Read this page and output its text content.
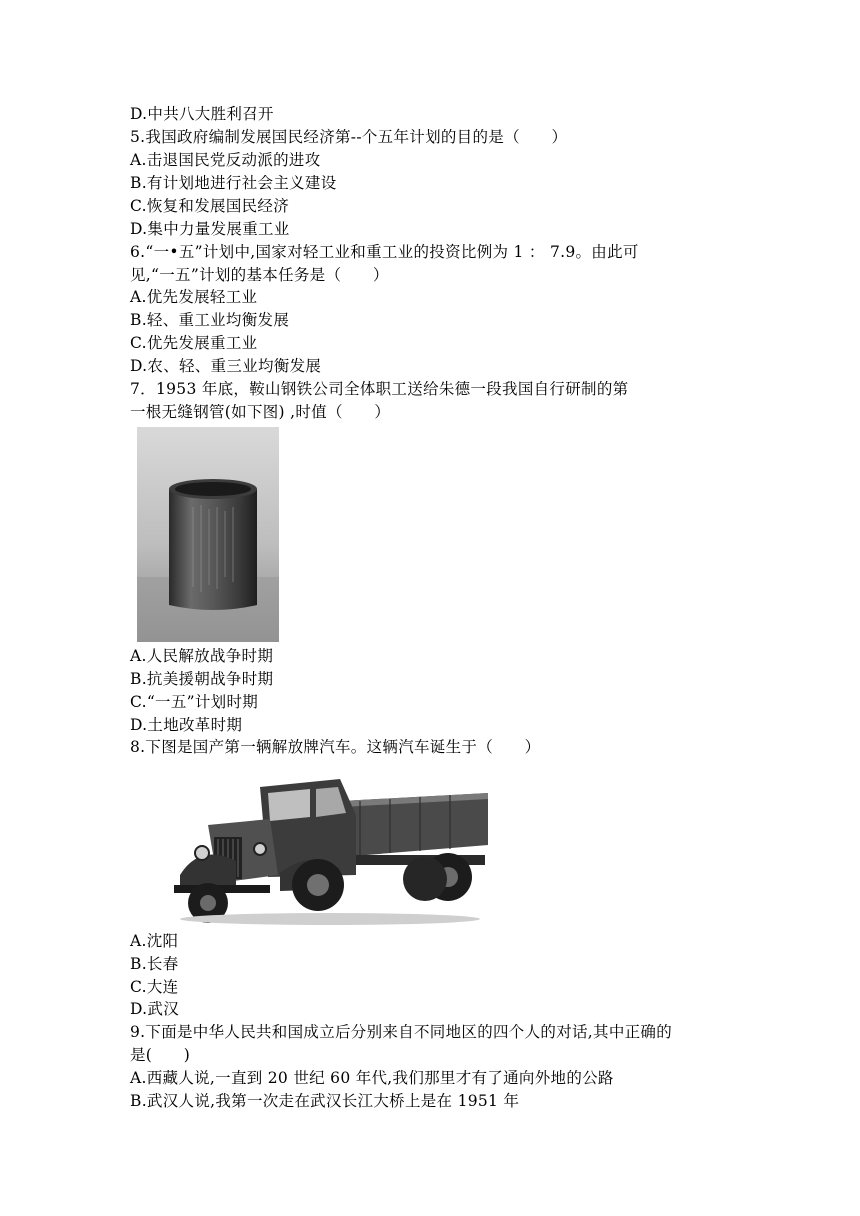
D.中共八大胜利召开
5.我国政府编制发展国民经济第--个五年计划的目的是（　　）
A.击退国民党反动派的进攻
B.有计划地进行社会主义建设
C.恢复和发展国民经济
D.集中力量发展重工业
6.“一•五”计划中,国家对轻工业和重工业的投资比例为 1 ： 7.9。由此可
见,“一五”计划的基本任务是（　　）
A.优先发展轻工业
B.轻、重工业均衡发展
C.优先发展重工业
D.农、轻、重三业均衡发展
7．1953 年底，鞍山钢铁公司全体职工送给朱德一段我国自行研制的第
一根无缝钢管(如下图) ,时值（　　）
A.人民解放战争时期
B.抗美援朝战争时期
C.“一五”计划时期
D.土地改革时期
8.下图是国产第一辆解放牌汽车。这辆汽车诞生于（　　）
A.沈阳
B.长春
C.大连
D.武汉
9.下面是中华人民共和国成立后分别来自不同地区的四个人的对话,其中正确的
是(　　)
A.西藏人说,一直到 20 世纪 60 年代,我们那里才有了通向外地的公路
B.武汉人说,我第一次走在武汉长江大桥上是在 1951 年
